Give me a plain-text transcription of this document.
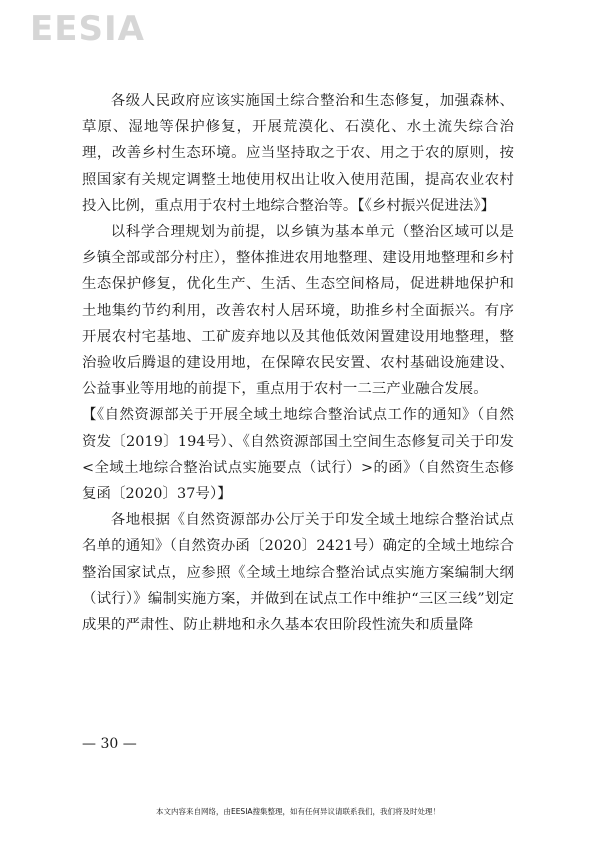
EESIA

各级人民政府应该实施国土综合整治和生态修复，加强森林、草原、湿地等保护修复，开展荒漠化、石漠化、水土流失综合治理，改善乡村生态环境。应当坚持取之于农、用之于农的原则，按照国家有关规定调整土地使用权出让收入使用范围，提高农业农村投入比例，重点用于农村土地综合整治等。【《乡村振兴促进法》】

以科学合理规划为前提，以乡镇为基本单元（整治区域可以是乡镇全部或部分村庄），整体推进农用地整理、建设用地整理和乡村生态保护修复，优化生产、生活、生态空间格局，促进耕地保护和土地集约节约利用，改善农村人居环境，助推乡村全面振兴。有序开展农村宅基地、工矿废弃地以及其他低效闲置建设用地整理，整治验收后腾退的建设用地，在保障农民安置、农村基础设施建设、公益事业等用地的前提下，重点用于农村一二三产业融合发展。

【《自然资源部关于开展全域土地综合整治试点工作的通知》（自然资发〔2019〕194号）、《自然资源部国土空间生态修复司关于印发<全域土地综合整治试点实施要点（试行）>的函》（自然资生态修复函〔2020〕37号）】

各地根据《自然资源部办公厅关于印发全域土地综合整治试点名单的通知》（自然资办函〔2020〕2421号）确定的全域土地综合整治国家试点，应参照《全域土地综合整治试点实施方案编制大纲（试行）》编制实施方案，并做到在试点工作中维护“三区三线”划定成果的严肃性、防止耕地和永久基本农田阶段性流失和质量降

— 30 —
本文内容来自网络，由EESIA搜集整理，如有任何异议请联系我们，我们将及时处理！
